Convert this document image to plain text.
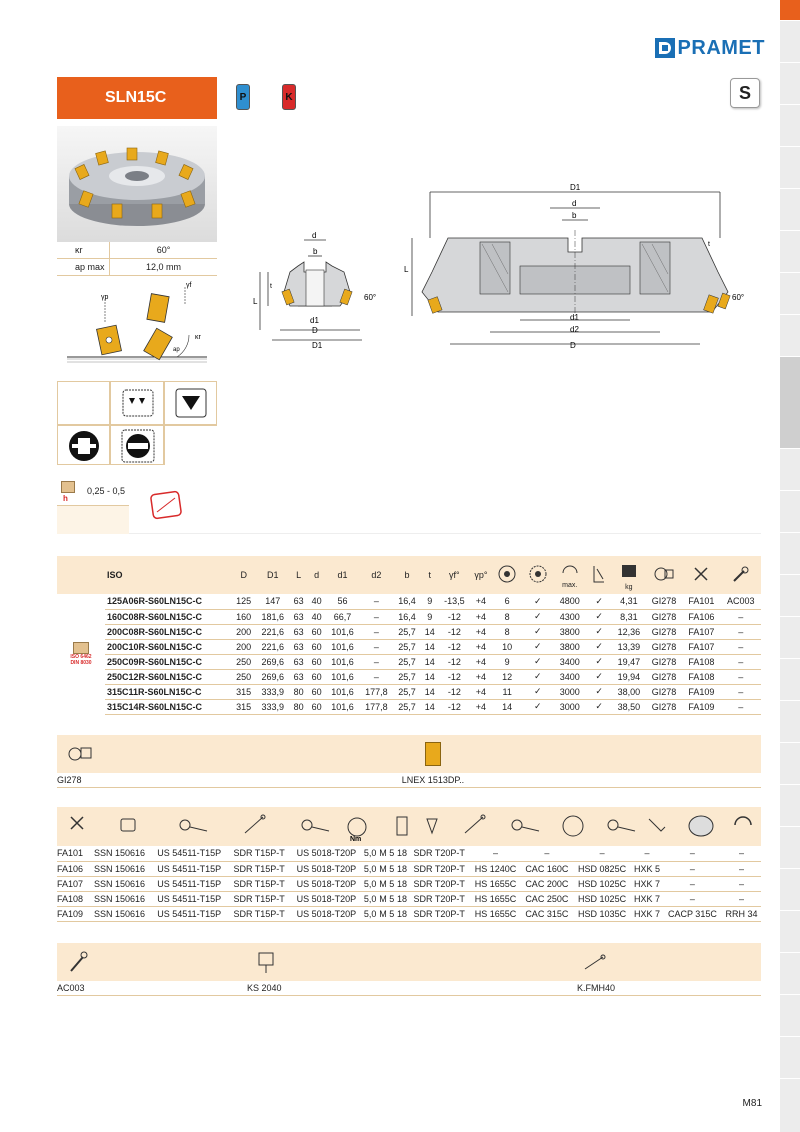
PRAMET
SLN15C	P	K	S
κr	60°
ap max	12,0 mm
γp
γf
κr
ap
d
b
L
t
D
d1
D1
60°
D1
d
b
t
L
d1
d2
D
60°
h
0,25 - 0,5
	ISO	D	D1	L	d	d1	d2	b	t	γf°	γp°			max.		kg			

ISO 6462 DIN 8030	125A06R-S60LN15C-C	125	147	63	40	56	–	16,4	9	-13,5	+4	6	✓	4800	✓	4,31	GI278	FA101	AC003
	160C08R-S60LN15C-C	160	181,6	63	40	66,7	–	16,4	9	-12	+4	8	✓	4300	✓	8,31	GI278	FA106	–
	200C08R-S60LN15C-C	200	221,6	63	60	101,6	–	25,7	14	-12	+4	8	✓	3800	✓	12,36	GI278	FA107	–
	200C10R-S60LN15C-C	200	221,6	63	60	101,6	–	25,7	14	-12	+4	10	✓	3800	✓	13,39	GI278	FA107	–
	250C09R-S60LN15C-C	250	269,6	63	60	101,6	–	25,7	14	-12	+4	9	✓	3400	✓	19,47	GI278	FA108	–
	250C12R-S60LN15C-C	250	269,6	63	60	101,6	–	25,7	14	-12	+4	12	✓	3400	✓	19,94	GI278	FA108	–
	315C11R-S60LN15C-C	315	333,9	80	60	101,6	177,8	25,7	14	-12	+4	11	✓	3000	✓	38,00	GI278	FA109	–
	315C14R-S60LN15C-C	315	333,9	80	60	101,6	177,8	25,7	14	-12	+4	14	✓	3000	✓	38,50	GI278	FA109	–
GI278	LNEX 1513DP..
Nm
FA101	SSN 150616	US 54511-T15P	SDR T15P-T	US 5018-T20P	5,0	M 5	18	SDR T20P-T	–	–	–	–	–	–
FA106	SSN 150616	US 54511-T15P	SDR T15P-T	US 5018-T20P	5,0	M 5	18	SDR T20P-T	HS 1240C	CAC 160C	HSD 0825C	HXK 5	–	–
FA107	SSN 150616	US 54511-T15P	SDR T15P-T	US 5018-T20P	5,0	M 5	18	SDR T20P-T	HS 1655C	CAC 200C	HSD 1025C	HXK 7	–	–
FA108	SSN 150616	US 54511-T15P	SDR T15P-T	US 5018-T20P	5,0	M 5	18	SDR T20P-T	HS 1655C	CAC 250C	HSD 1025C	HXK 7	–	–
FA109	SSN 150616	US 54511-T15P	SDR T15P-T	US 5018-T20P	5,0	M 5	18	SDR T20P-T	HS 1655C	CAC 315C	HSD 1035C	HXK 7	CACP 315C	RRH 34
AC003	KS 2040	K.FMH40
M81
